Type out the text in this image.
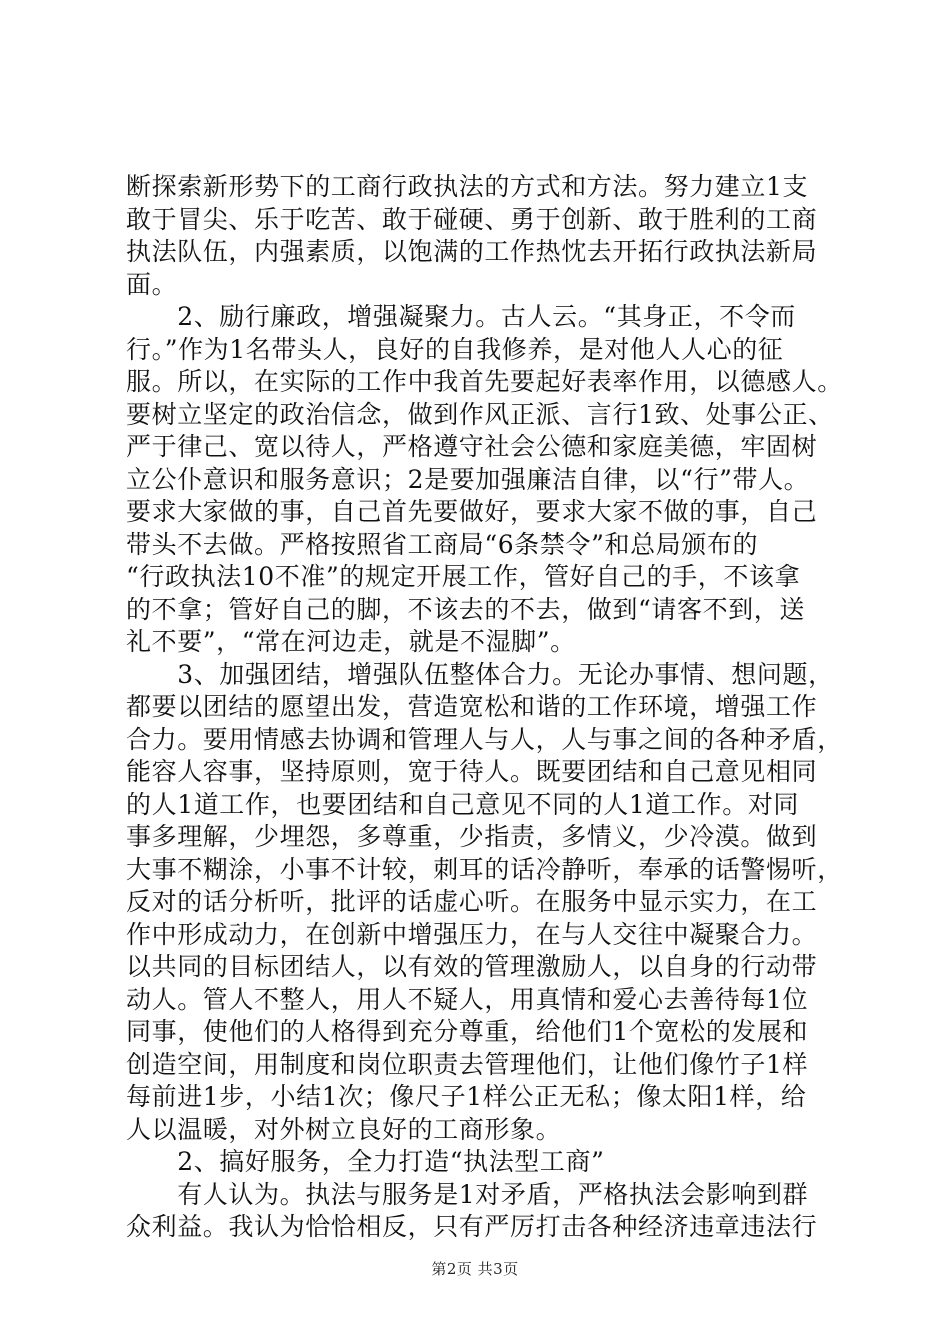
断探索新形势下的工商行政执法的方式和方法。努力建立1支
敢于冒尖、乐于吃苦、敢于碰硬、勇于创新、敢于胜利的工商
执法队伍，内强素质，以饱满的工作热忱去开拓行政执法新局
面。
　　2、励行廉政，增强凝聚力。古人云。“其身正，不令而
行。”作为1名带头人，良好的自我修养，是对他人人心的征
服。所以，在实际的工作中我首先要起好表率作用，以德感人。
要树立坚定的政治信念，做到作风正派、言行1致、处事公正、
严于律己、宽以待人，严格遵守社会公德和家庭美德，牢固树
立公仆意识和服务意识；2是要加强廉洁自律，以“行”带人。
要求大家做的事，自己首先要做好，要求大家不做的事，自己
带头不去做。严格按照省工商局“6条禁令”和总局颁布的
“行政执法10不准”的规定开展工作，管好自己的手，不该拿
的不拿；管好自己的脚，不该去的不去，做到“请客不到，送
礼不要”，“常在河边走，就是不湿脚”。
　　3、加强团结，增强队伍整体合力。无论办事情、想问题，
都要以团结的愿望出发，营造宽松和谐的工作环境，增强工作
合力。要用情感去协调和管理人与人，人与事之间的各种矛盾，
能容人容事，坚持原则，宽于待人。既要团结和自己意见相同
的人1道工作，也要团结和自己意见不同的人1道工作。对同
事多理解，少埋怨，多尊重，少指责，多情义，少冷漠。做到
大事不糊涂，小事不计较，刺耳的话冷静听，奉承的话警惕听，
反对的话分析听，批评的话虚心听。在服务中显示实力，在工
作中形成动力，在创新中增强压力，在与人交往中凝聚合力。
以共同的目标团结人，以有效的管理激励人，以自身的行动带
动人。管人不整人，用人不疑人，用真情和爱心去善待每1位
同事，使他们的人格得到充分尊重，给他们1个宽松的发展和
创造空间，用制度和岗位职责去管理他们，让他们像竹子1样
每前进1步，小结1次；像尺子1样公正无私；像太阳1样，给
人以温暖，对外树立良好的工商形象。
　　2、搞好服务，全力打造“执法型工商”
　　有人认为。执法与服务是1对矛盾，严格执法会影响到群
众利益。我认为恰恰相反，只有严厉打击各种经济违章违法行
第2页 共3页
